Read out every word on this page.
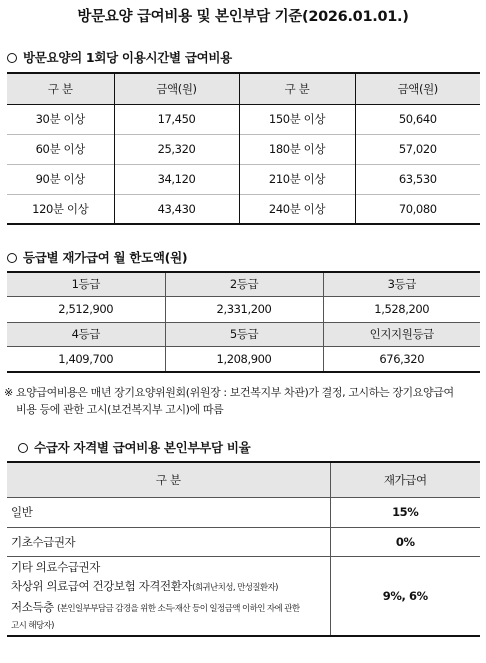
방문요양 급여비용 및 본인부담 기준(2026.01.01.)
방문요양의 1회당 이용시간별 급여비용
구 분	금액(원)	구 분	금액(원)
30분 이상	17,450	150분 이상	50,640
60분 이상	25,320	180분 이상	57,020
90분 이상	34,120	210분 이상	63,530
120분 이상	43,430	240분 이상	70,080
등급별 재가급여 월 한도액(원)
1등급	2등급	3등급
2,512,900	2,331,200	1,528,200
4등급	5등급	인지지원등급
1,409,700	1,208,900	676,320
※ 요양급여비용은 매년 장기요양위원회(위원장 : 보건복지부 차관)가 결정, 고시하는 장기요양급여
비용 등에 관한 고시(보건복지부 고시)에 따름
수급자 자격별 급여비용 본인부부담 비율
구 분	재가급여
일반	15%
기초수급권자	0%

기타 의료수급권자
차상위 의료급여 건강보험 자격전환자(희귀난치성, 만성질환자)
저소득층 (본인일부부담금 감경을 위한 소득·재산 등이 일정금액 이하인 자에 관한
고시 해당자)	9%, 6%
